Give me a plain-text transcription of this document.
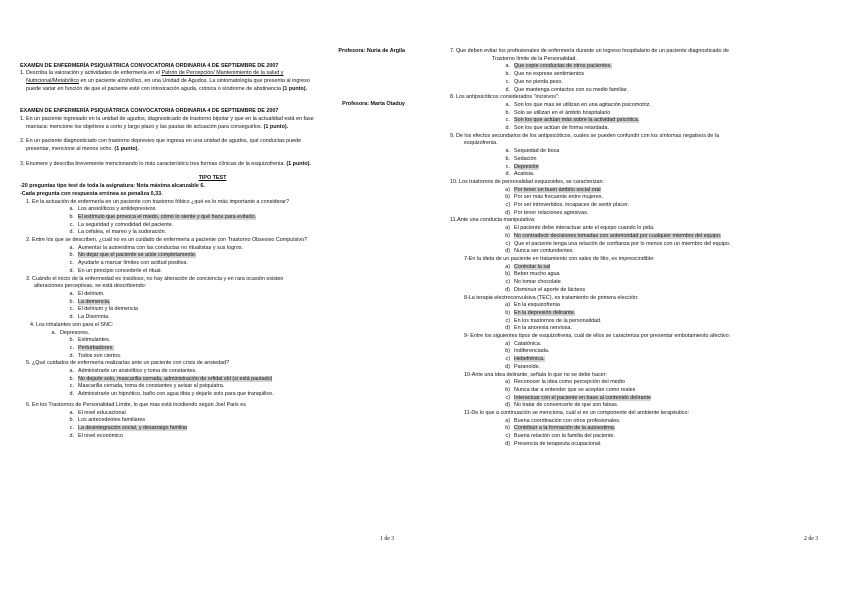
Profesora: Nuria de Argila
EXAMEN DE ENFERMERÍA PSIQUIÁTRICA CONVOCATORIA ORDINARIA 4 DE SEPTIEMBRE DE 2007
1. Describa la valoración y actividades de enfermería en el Patrón de Percepción/ Mantenimiento de la salud y
Nutricional/Metabólico en un paciente alcohólico, en una Unidad de Agudos. La sintomatología que presenta al ingreso
puede variar en función de que el paciente esté con intoxicación aguda, crónica o síndrome de abstinencia (1 punto).
Profesora: Marta Otaduy
EXAMEN DE ENFERMERÍA PSIQUIÁTRICA CONVOCATORIA ORDINARIA 4 DE SEPTIEMBRE DE 2007
1. En un paciente ingresado en la unidad de agudos, diagnosticado de trastorno bipolar y que en la actualidad está en fase
maníaca: mencione los objetivos a corto y largo plazo y las pautas de actuación para conseguirlos. (1 punto).
2. En un paciente diagnosticado con trastorno depresivo que ingresa en una unidad de agudos, qué conductas puede
presentar, mencione al menos ocho. (1 punto).
3. Enumere y describa brevemente mencionando lo más característico tres formas clínicas de la esquizofrenia. (1 punto).
TIPO TEST
-20 preguntas tipo test de toda la asignatura: Nota máxima alcanzable 6.
-Cada pregunta con respuesta errónea se penaliza 0,33.
1. En la actuación de enfermería en un paciente con trastorno fóbico ¿qué es lo más importante a considerar?
a. Los ansiolíticos y antidepresivos.
b. El estímulo que provoca el miedo, cómo lo siente y qué hace para evitarlo.
c. La seguridad y comodidad del paciente.
d. La cefalea, el mareo y la sudoración.
2. Entre los que se describen, ¿cuál no es un cuidado de enfermería a paciente con Trastorno Obsesivo Compulsivo?
a. Aumentar la autoestima con las conductas no ritualistas y sus logros.
b. No dejar que el paciente se aísle completamente.
c. Ayudarle a marcar límites con actitud positiva.
d. En un principio concederle el ritual.
3. Cuándo el inicio de la enfermedad es insidioso, no hay alteración de conciencia y en rara ocasión existen
alteraciones perceptivas, se está describiendo:
a. El delirium.
b. La demencia.
c. El delirium y la demencia
d. La Disomnia.
4. Los inhalantes son para el SNC:
a. Depresores.
b. Estimulantes.
c. Perturbadores.
d. Todos son ciertos.
5. ¿Qué cuidados de enfermería realizarías ante un paciente con crisis de ansiedad?
a. Administrarle un ansiolítico y toma de constantes.
b. No dejarle solo, mascarilla cerrada, administración de orfidal sbl (si está pautado)
c. Mascarilla cerrada, toma de constantes y avisar al psiquiatra.
d. Administrarle un hipnótico, baño con agua tibia y dejarle solo para que tranquilice.
6. En los Trastornos de Personalidad Límite, lo que mas está incidiendo según Joel Paris es
a. El nivel educacional
b. Los antecedentes familiares
c. La desintegración social, y desarraigo familiar
d. El nivel económico
1 de 3
7. Que deben evitar los profesionales de enfermería durante un ingreso hospitalario de un paciente diagnosticado de
Trastorno límite de la Personalidad.
a. Que copie conductas de otros pacientes.
b. Que no exprese sentimientos
c. Que no pierda peso.
d. Que mantenga contactos con su medio familiar.
8. Los antipsicóticos considerados "incisivos":
a. Son los que mas se utilizan en una agitación psicomotriz.
b. Solo se utilizan en el ámbito hospitalario
c. Son los que actúan más sobre la actividad psicótica.
d. Son los que actúan de forma retardada.
9. De los efectos secundarios de los antipsicóticos, cuales se pueden confundir con los síntomas negativos de la
esquizofrenia.
a. Sequedad de boca
b. Sedación
c. Depresión
d. Acatisia.
10. Los trastornos de personalidad esquizoides, se caracterizan:
a) Por tener un buen ámbito social oral
b) Por ser más frecuente entre mujeres.
c) Por ser introvertidos, incapaces de sentir placer.
d) Por tener relaciones agresivas.
11.Ante una conducta manipulativa:
a) El paciente debe interactuar ante el equipo cuando lo pida.
b) No contradecir decisiones tomadas con anterioridad por cualquier miembro del equipo.
c) Que el paciente tenga una relación de confianza por lo menos con un miembro del equipo.
d) Nunca ser contundentes.
7-En la dieta de un paciente en tratamiento con sales de litio, es imprescindible:
a) Controlar la sal
b) Beber mucho agua
c) No tomar chocolate
d) Disminuir el aporte de lácteos
8-La terapia electroconvulsiva (TEC), es tratamiento de primera elección:
a) En la esquizofrenia
b) En la depresión delirante.
c) En los trastornos de la personalidad.
d) En la anorexia nerviosa.
9- Entre los siguientes tipos de esquizofrenia, cuál de ellos se caracteriza por presentar embotamiento afectivo:
a) Catatónica.
b) Indiferenciada.
c) Hebefrénica.
d) Paranoide.
10-Ante una idea delirante, señala lo que no se debe hacer:
a) Reconocer la idea como percepción del medio
b) Nunca dar a entender que se aceptan como reales
c) Interactuar con el paciente en base al contenido delirante
d) No tratar de convencerle de que son falsas.
11-De lo que a continuación se menciona, cuál si es un componente del ambiente terapéutico:
a) Buena coordinación con otros profesionales.
b) Contribuir a la formación de la autoestima.
c) Buena relación con la familia del paciente.
d) Presencia de terapeuta ocupacional.
2 de 3
